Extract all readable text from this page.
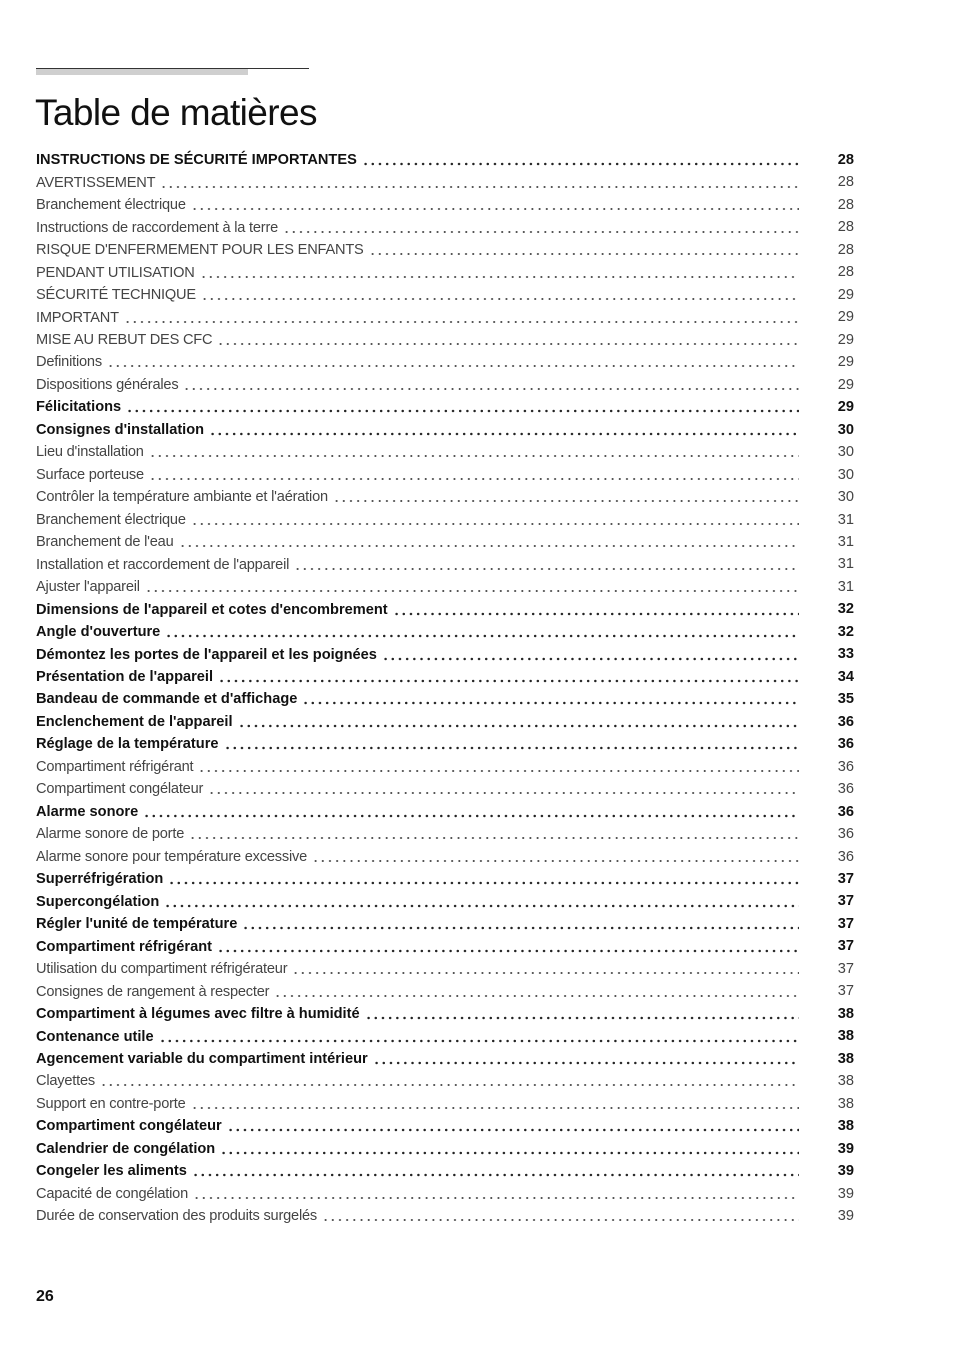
Table de matières
INSTRUCTIONS DE SÉCURITÉ IMPORTANTES	28
AVERTISSEMENT	28
Branchement électrique	28
Instructions de raccordement à la terre	28
RISQUE D'ENFERMEMENT POUR LES ENFANTS	28
PENDANT UTILISATION	28
SÉCURITÉ TECHNIQUE	29
IMPORTANT	29
MISE AU REBUT DES CFC	29
Definitions	29
Dispositions générales	29
Félicitations	29
Consignes d'installation	30
Lieu d'installation	30
Surface porteuse	30
Contrôler la température ambiante et l'aération	30
Branchement électrique	31
Branchement de l'eau	31
Installation et raccordement de l'appareil	31
Ajuster l'appareil	31
Dimensions de l'appareil et cotes d'encombrement	32
Angle d'ouverture	32
Démontez les portes de l'appareil et les poignées	33
Présentation de l'appareil	34
Bandeau de commande et d'affichage	35
Enclenchement de l'appareil	36
Réglage de la température	36
Compartiment réfrigérant	36
Compartiment congélateur	36
Alarme sonore	36
Alarme sonore de porte	36
Alarme sonore pour température excessive	36
Superréfrigération	37
Supercongélation	37
Régler l'unité de température	37
Compartiment réfrigérant	37
Utilisation du compartiment réfrigérateur	37
Consignes de rangement à respecter	37
Compartiment à légumes avec filtre à humidité	38
Contenance utile	38
Agencement variable du compartiment intérieur	38
Clayettes	38
Support en contre-porte	38
Compartiment congélateur	38
Calendrier de congélation	39
Congeler les aliments	39
Capacité de congélation	39
Durée de conservation des produits surgelés	39
26
